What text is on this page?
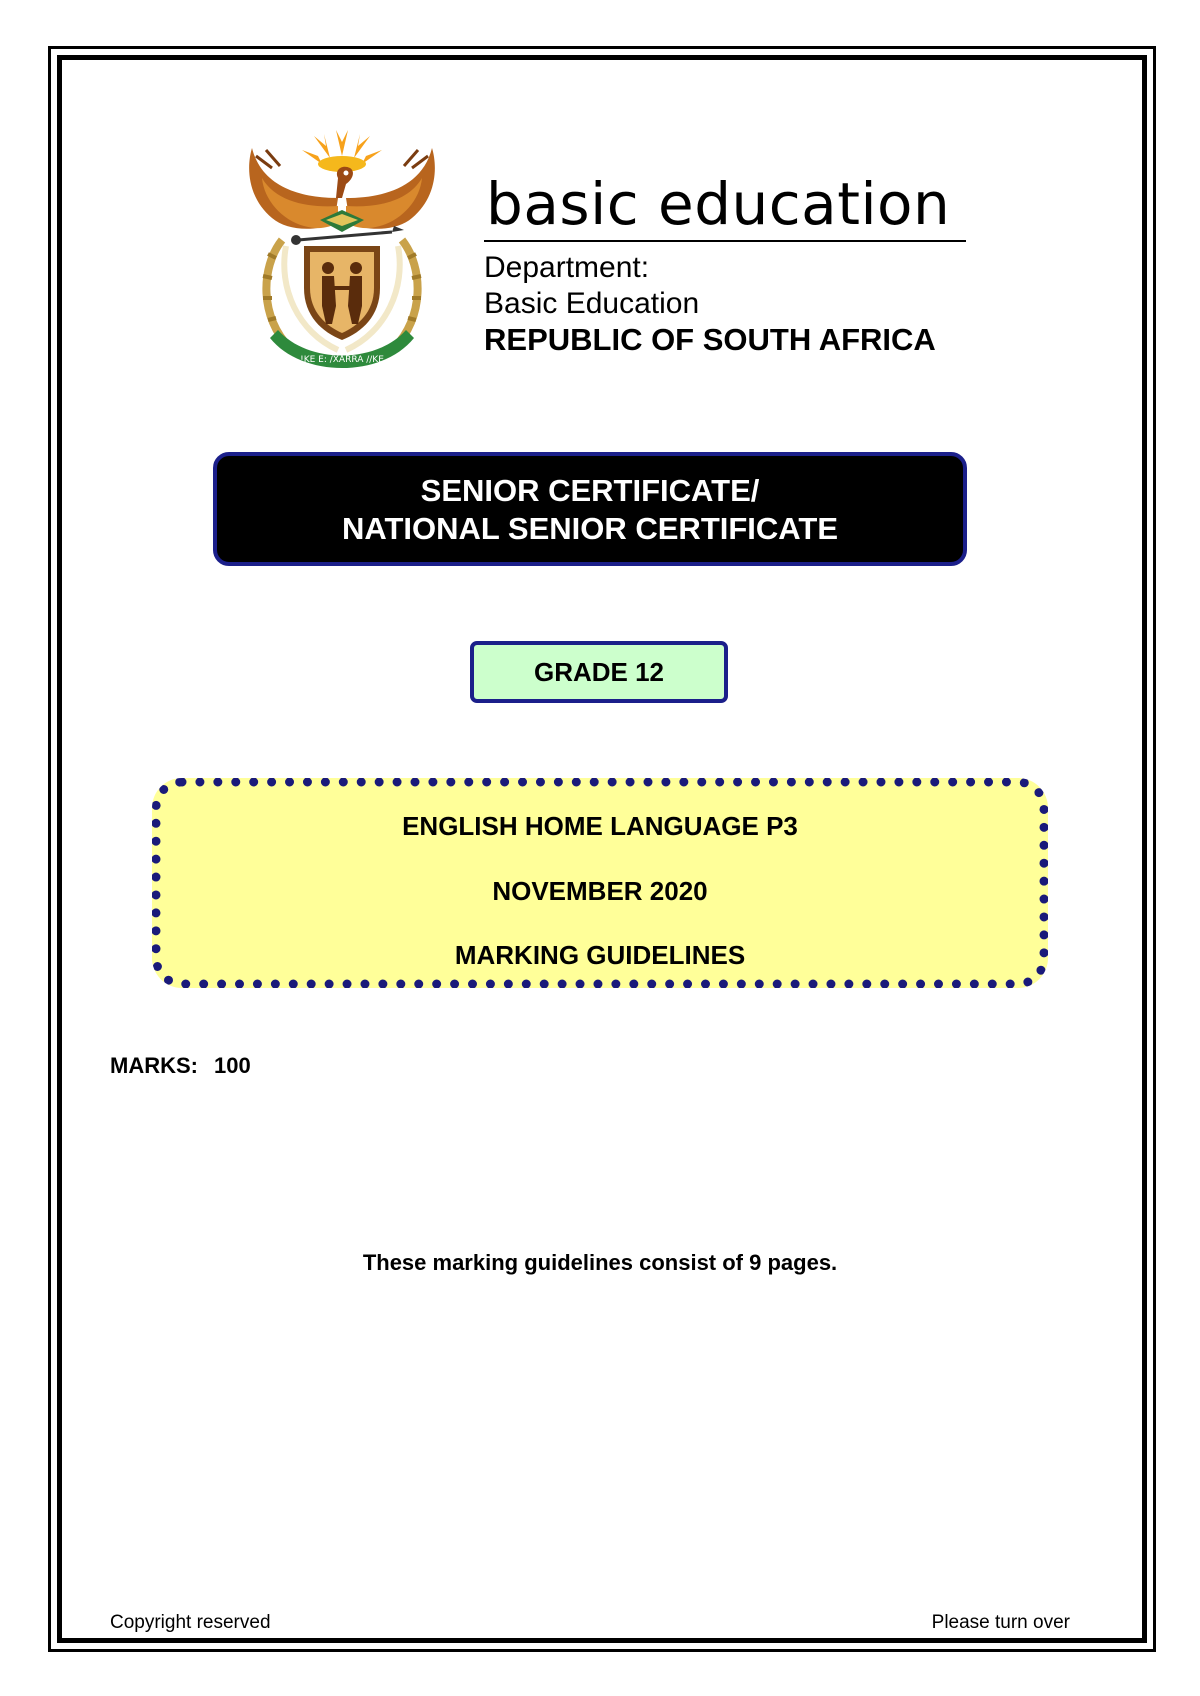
!KE E: /XARRA //KE
basic education
Department:
Basic Education
REPUBLIC OF SOUTH AFRICA
SENIOR CERTIFICATE/
NATIONAL SENIOR CERTIFICATE
GRADE 12
ENGLISH HOME LANGUAGE P3
NOVEMBER 2020
MARKING GUIDELINES
MARKS: 100
These marking guidelines consist of 9 pages.
Copyright reserved	Please turn over
